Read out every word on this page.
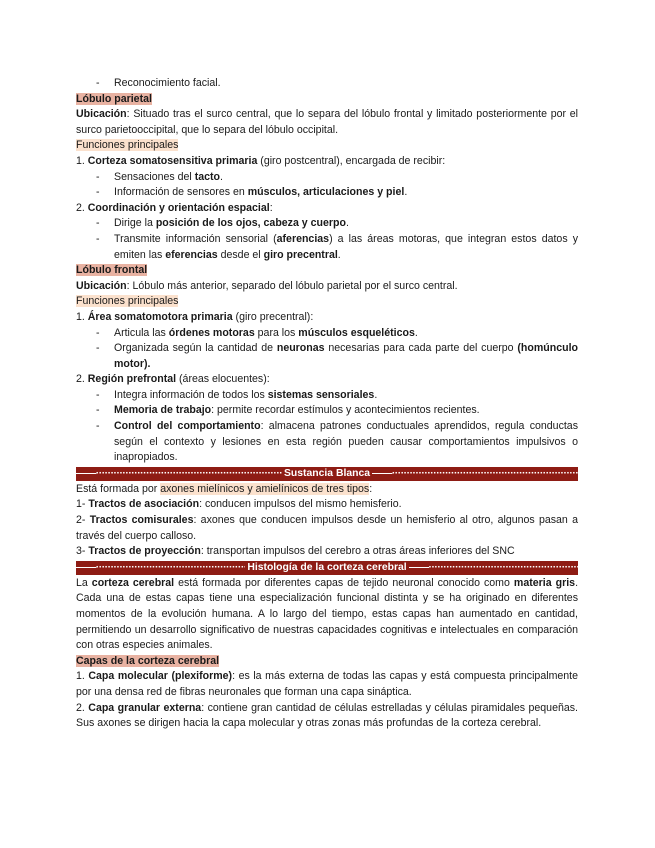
- Reconocimiento facial.

Lóbulo parietal

Ubicación: Situado tras el surco central, que lo separa del lóbulo frontal y limitado posteriormente por el surco parietooccipital, que lo separa del lóbulo occipital.

Funciones principales

1. Corteza somatosensitiva primaria (giro postcentral), encargada de recibir:

- Sensaciones del tacto.

- Información de sensores en músculos, articulaciones y piel.

2. Coordinación y orientación espacial:

- Dirige la posición de los ojos, cabeza y cuerpo.

- Transmite información sensorial (aferencias) a las áreas motoras, que integran estos datos y emiten las eferencias desde el giro precentral.

Lóbulo frontal

Ubicación: Lóbulo más anterior, separado del lóbulo parietal por el surco central.

Funciones principales

1. Área somatomotora primaria (giro precentral):

- Articula las órdenes motoras para los músculos esqueléticos.

- Organizada según la cantidad de neuronas necesarias para cada parte del cuerpo (homúnculo motor).

2. Región prefrontal (áreas elocuentes):

- Integra información de todos los sistemas sensoriales.

- Memoria de trabajo: permite recordar estímulos y acontecimientos recientes.

- Control del comportamiento: almacena patrones conductuales aprendidos, regula conductas según el contexto y lesiones en esta región pueden causar comportamientos impulsivos o inapropiados.

——···
Sustancia Blanca
——···

Está formada por axones mielínicos y amielínicos de tres tipos:

1- Tractos de asociación: conducen impulsos del mismo hemisferio.

2- Tractos comisurales: axones que conducen impulsos desde un hemisferio al otro, algunos pasan a través del cuerpo calloso.

3- Tractos de proyección: transportan impulsos del cerebro a otras áreas inferiores del SNC

——···
Histología de la corteza cerebral
——···

La corteza cerebral está formada por diferentes capas de tejido neuronal conocido como materia gris. Cada una de estas capas tiene una especialización funcional distinta y se ha originado en diferentes momentos de la evolución humana. A lo largo del tiempo, estas capas han aumentado en cantidad, permitiendo un desarrollo significativo de nuestras capacidades cognitivas e intelectuales en comparación con otras especies animales.

Capas de la corteza cerebral

1. Capa molecular (plexiforme): es la más externa de todas las capas y está compuesta principalmente por una densa red de fibras neuronales que forman una capa sináptica.

2. Capa granular externa: contiene gran cantidad de células estrelladas y células piramidales pequeñas. Sus axones se dirigen hacia la capa molecular y otras zonas más profundas de la corteza cerebral.
